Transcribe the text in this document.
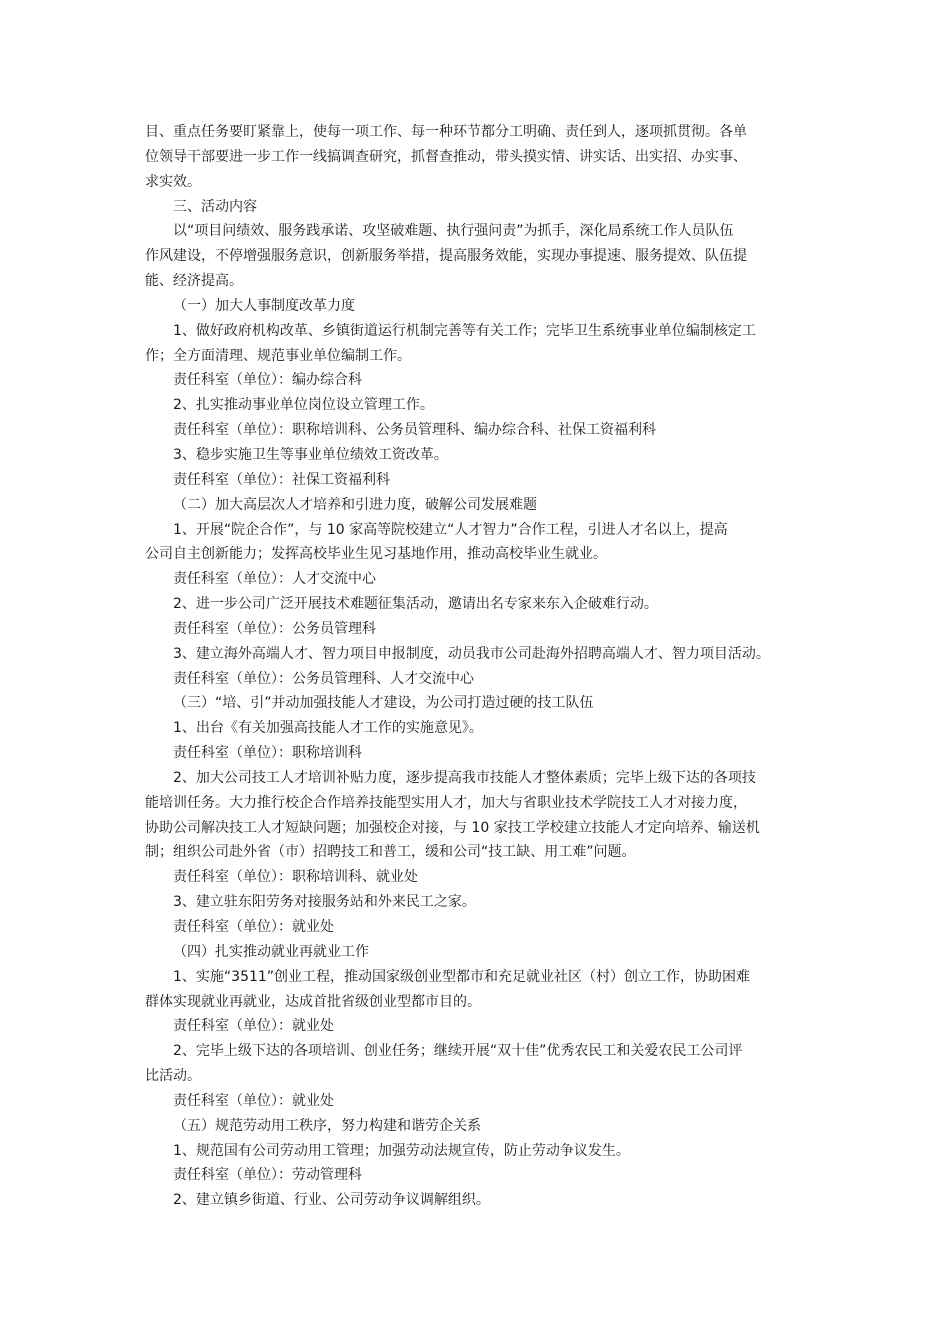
目、重点任务要盯紧靠上，使每一项工作、每一种环节都分工明确、责任到人，逐项抓贯彻。各单

位领导干部要进一步工作一线搞调查研究，抓督查推动，带头摸实情、讲实话、出实招、办实事、

求实效。

三、活动内容

以“项目问绩效、服务践承诺、攻坚破难题、执行强问责”为抓手，深化局系统工作人员队伍

作风建设，不停增强服务意识，创新服务举措，提高服务效能，实现办事提速、服务提效、队伍提

能、经济提高。

（一）加大人事制度改革力度

1、做好政府机构改革、乡镇街道运行机制完善等有关工作；完毕卫生系统事业单位编制核定工

作；全方面清理、规范事业单位编制工作。

责任科室（单位）：编办综合科

2、扎实推动事业单位岗位设立管理工作。

责任科室（单位）：职称培训科、公务员管理科、编办综合科、社保工资福利科

3、稳步实施卫生等事业单位绩效工资改革。

责任科室（单位）：社保工资福利科

（二）加大高层次人才培养和引进力度，破解公司发展难题

1、开展“院企合作”，与 10 家高等院校建立“人才智力”合作工程，引进人才名以上，提高

公司自主创新能力；发挥高校毕业生见习基地作用，推动高校毕业生就业。

责任科室（单位）：人才交流中心

2、进一步公司广泛开展技术难题征集活动，邀请出名专家来东入企破难行动。

责任科室（单位）：公务员管理科

3、建立海外高端人才、智力项目申报制度，动员我市公司赴海外招聘高端人才、智力项目活动。

责任科室（单位）：公务员管理科、人才交流中心

（三）“培、引”并动加强技能人才建设，为公司打造过硬的技工队伍

1、出台《有关加强高技能人才工作的实施意见》。

责任科室（单位）：职称培训科

2、加大公司技工人才培训补贴力度，逐步提高我市技能人才整体素质；完毕上级下达的各项技

能培训任务。大力推行校企合作培养技能型实用人才，加大与省职业技术学院技工人才对接力度，

协助公司解决技工人才短缺问题；加强校企对接，与 10 家技工学校建立技能人才定向培养、输送机

制；组织公司赴外省（市）招聘技工和普工，缓和公司“技工缺、用工难”问题。

责任科室（单位）：职称培训科、就业处

3、建立驻东阳劳务对接服务站和外来民工之家。

责任科室（单位）：就业处

（四）扎实推动就业再就业工作

1、实施“3511”创业工程，推动国家级创业型都市和充足就业社区（村）创立工作，协助困难

群体实现就业再就业，达成首批省级创业型都市目的。

责任科室（单位）：就业处

2、完毕上级下达的各项培训、创业任务；继续开展“双十佳”优秀农民工和关爱农民工公司评

比活动。

责任科室（单位）：就业处

（五）规范劳动用工秩序，努力构建和谐劳企关系

1、规范国有公司劳动用工管理；加强劳动法规宣传，防止劳动争议发生。

责任科室（单位）：劳动管理科

2、建立镇乡街道、行业、公司劳动争议调解组织。
